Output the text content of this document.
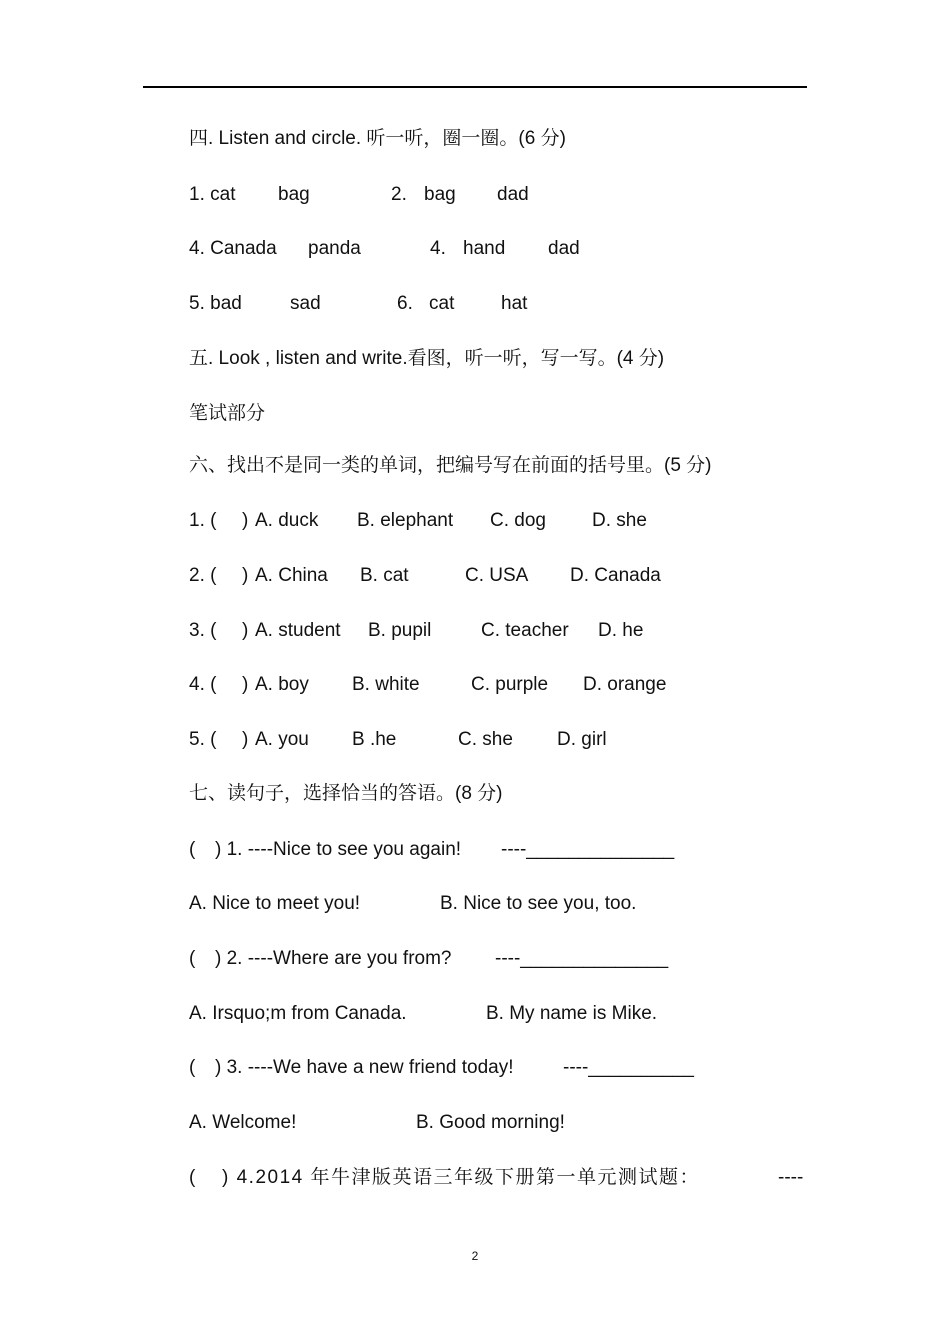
四. Listen and circle. 听一听，圈一圈。(6 分)
1. cat bag	2. bag dad
4. Canada panda	4. hand dad
5. bad	sad	6. cat hat
五. Look , listen and write.看图，听一听，写一写。(4 分)
笔试部分
六、找出不是同一类的单词，把编号写在前面的括号里。(5 分)
1. ( ) A. duck B. elephant C. dog D. she
2. ( ) A. China B. cat	C. USA D. Canada
3. ( ) A. student B. pupil	C. teacher D. he
4. ( ) A. boy B. white	C. purple D. orange
5. ( ) A. you B .he	C. she D. girl
七、读句子，选择恰当的答语。(8 分)
( ) 1. ----Nice to see you again! ----______________
A. Nice to meet you!	B. Nice to see you, too.
( ) 2. ----Where are you from? ----______________
A. Irsquo;m from Canada.	B. My name is Mike.
( ) 3. ----We have a new friend today!	----__________
A. Welcome!	B. Good morning!
( ) 4.2014 年牛津版英语三年级下册第一单元测试题：	----
2
